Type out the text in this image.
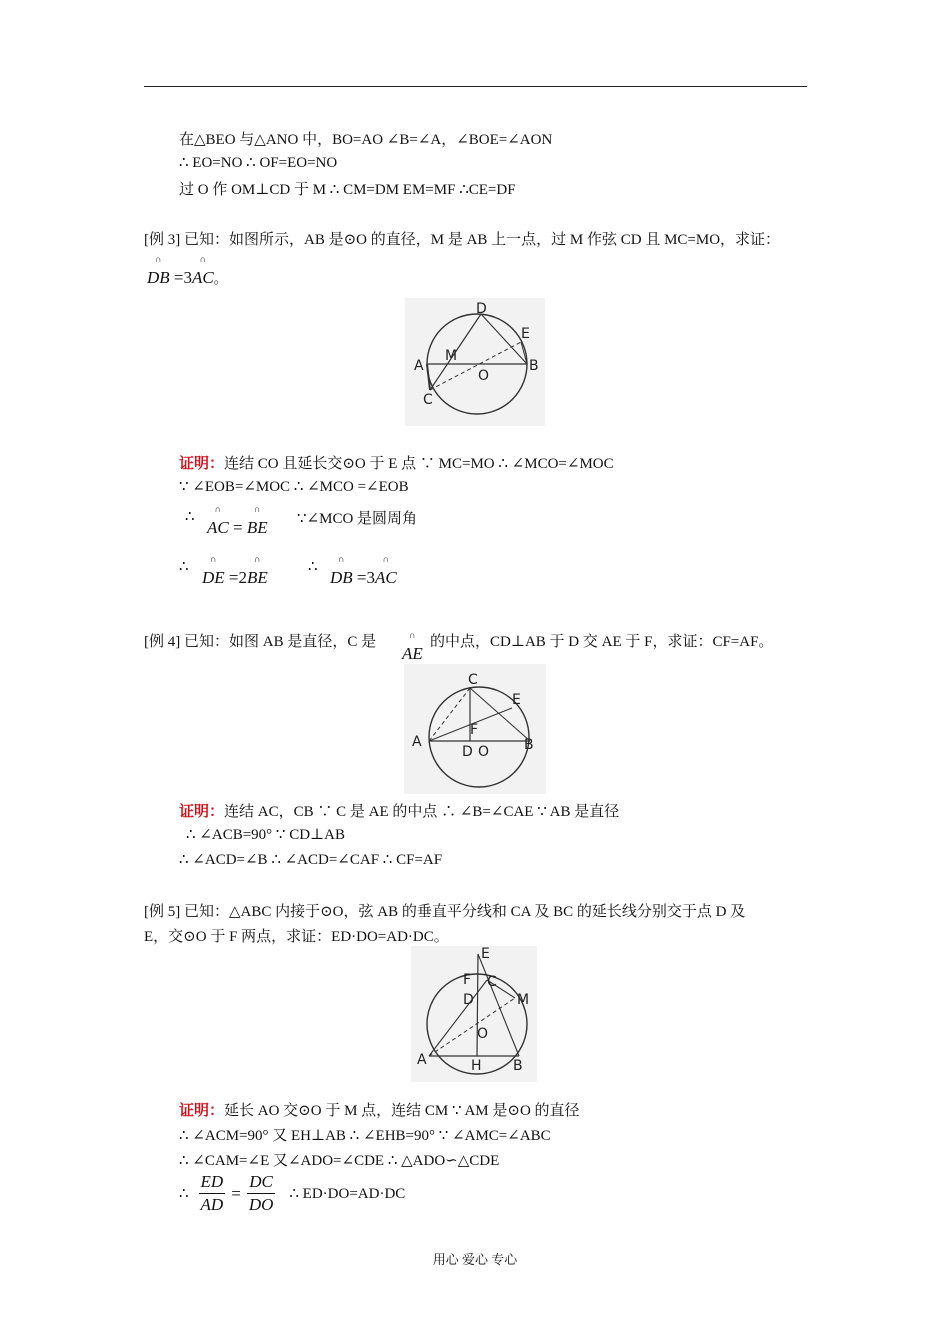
在△BEO 与△ANO 中，BO=AO ∠B=∠A，∠BOE=∠AON
∴ EO=NO ∴ OF=EO=NO
过 O 作 OM⊥CD 于 M ∴ CM=DM EM=MF ∴CE=DF
[例 3] 已知：如图所示，AB 是⊙O 的直径，M 是 AB 上一点，过 M 作弦 CD 且 MC=MO，求证：
∩ DB =3∩ AC。
D
E
A
M
O
B
C
证明：连结 CO 且延长交⊙O 于 E 点 ∵ MC=MO ∴ ∠MCO=∠MOC
∵ ∠EOB=∠MOC ∴ ∠MCO =∠EOB
∴
∩ AC = ∩ BE ∵∠MCO 是圆周角
∴
∩ DE =2∩ BE
∴
∩ DB =3∩ AC
[例 4] 已知：如图 AB 是直径，C 是
∩ AE
的中点，CD⊥AB 于 D 交 AE 于 F，求证：CF=AF。
C
E
F
A
D O B
证明：连结 AC，CB ∵ C 是 AE 的中点 ∴ ∠B=∠CAE ∵ AB 是直径
∴ ∠ACB=90° ∵ CD⊥AB
∴ ∠ACD=∠B ∴ ∠ACD=∠CAF ∴ CF=AF
[例 5] 已知：△ABC 内接于⊙O，弦 AB 的垂直平分线和 CA 及 BC 的延长线分别交于点 D 及
E，交⊙O 于 F 两点，求证：ED·DO=AD·DC。
E
F C
M
D
O
A	H B
证明：延长 AO 交⊙O 于 M 点，连结 CM ∵ AM 是⊙O 的直径
∴ ∠ACM=90° 又 EH⊥AB ∴ ∠EHB=90° ∵ ∠AMC=∠ABC
∴ ∠CAM=∠E 又∠ADO=∠CDE ∴ △ADO∽△CDE
∴ $\frac{ED}{AD} = \frac{DC}{DO}$ ∴ ED·DO=AD·DC
用心 爱心 专心
